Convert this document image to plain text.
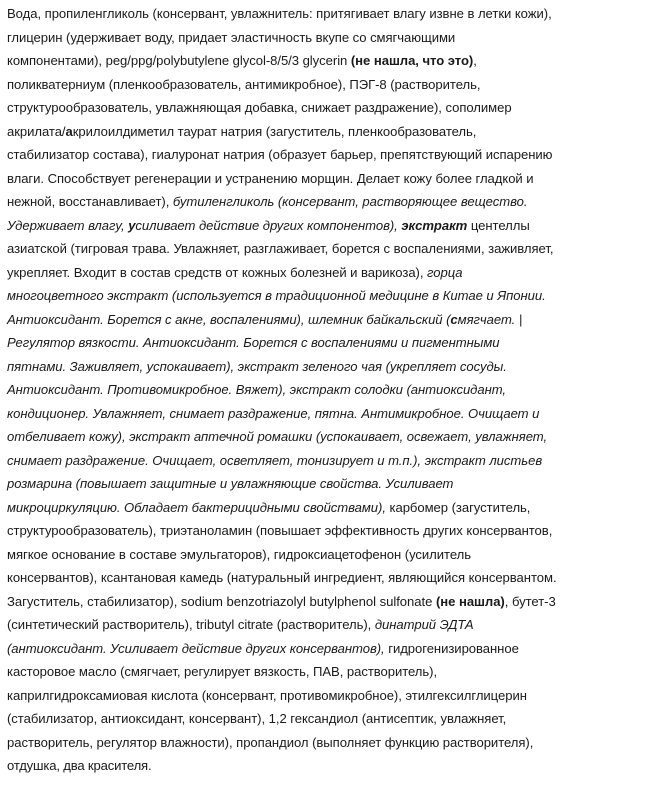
Вода, пропиленгликоль (консервант, увлажнитель: притягивает влагу извне в летки кожи),
глицерин (удерживает воду, придает эластичность вкупе со смягчающими
компонентами), peg/ppg/polybutylene glycol-8/5/3 glycerin (не нашла, что это),
поликватерниум (пленкообразователь, антимикробное), ПЭГ-8 (растворитель,
структурообразователь, увлажняющая добавка, снижает раздражение), сополимер
акрилата/акрилоилдиметил таурат натрия (загуститель, пленкообразователь,
стабилизатор состава), гиалуронат натрия (образует барьер, препятствующий испарению
влаги. Способствует регенерации и устранению морщин. Делает кожу более гладкой и
нежной, восстанавливает), бутиленгликоль (консервант, растворяющее вещество.
Удерживает влагу, усиливает действие других компонентов), экстракт центеллы
азиатской (тигровая трава. Увлажняет, разглаживает, борется с воспалениями, заживляет,
укрепляет. Входит в состав средств от кожных болезней и варикоза), горца
многоцветного экстракт (используется в традиционной медицине в Китае и Японии.
Антиоксидант. Борется с акне, воспалениями), шлемник байкальский (смягчает. |
Регулятор вязкости. Антиоксидант. Борется с воспалениями и пигментными
пятнами. Заживляет, успокаивает), экстракт зеленого чая (укрепляет сосуды.
Антиоксидант. Противомикробное. Вяжет), экстракт солодки (антиоксидант,
кондиционер. Увлажняет, снимает раздражение, пятна. Антимикробное. Очищает и
отбеливает кожу), экстракт аптечной ромашки (успокаивает, освежает, увлажняет,
снимает раздражение. Очищает, осветляет, тонизирует и т.п.), экстракт листьев
розмарина (повышает защитные и увлажняющие свойства. Усиливает
микроциркуляцию. Обладает бактерицидными свойствами), карбомер (загуститель,
структурообразователь), триэтаноламин (повышает эффективность других консервантов,
мягкое основание в составе эмульгаторов), гидроксиацетофенон (усилитель
консервантов), ксантановая камедь (натуральный ингредиент, являющийся консервантом.
Загуститель, стабилизатор), sodium benzotriazolyl butylphenol sulfonate (не нашла), бутет-3
(синтетический растворитель), tributyl citrate (растворитель), динатрий ЭДТА
(антиоксидант. Усиливает действие других консервантов), гидрогенизированное
касторовое масло (смягчает, регулирует вязкость, ПАВ, растворитель),
каприлгидроксамиовая кислота (консервант, противомикробное), этилгексилглицерин
(стабилизатор, антиоксидант, консервант), 1,2 гександиол (антисептик, увлажняет,
растворитель, регулятор влажности), пропандиол (выполняет функцию растворителя),
отдушка, два красителя.
